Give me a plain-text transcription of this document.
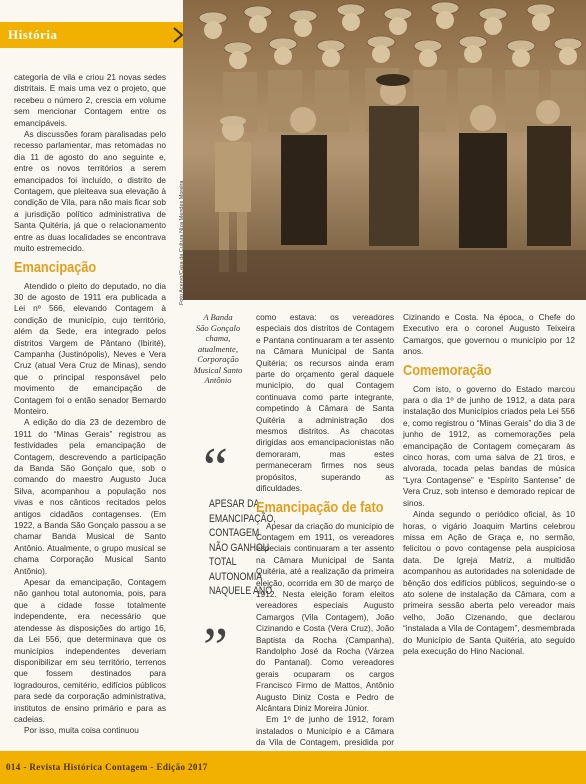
História
Foto Acervo/Casa da Cultura Niza Mendes Moreira

categoria de vila e criou 21 novas sedes distritais. E mais uma vez o projeto, que recebeu o número 2, crescia em volume sem mencionar Contagem entre os emancipáveis.

As discussões foram paralisadas pelo recesso parlamentar, mas retomadas no dia 11 de agosto do ano seguinte e, entre os novos territórios a serem emancipados foi incluído, o distrito de Contagem, que pleiteava sua elevação à condição de Vila, para não mais ficar sob a jurisdição político administrativa de Santa Quitéria, já que o relacionamento entre as duas localidades se encontrava muito estremecido.

Emancipação

Atendido o pleito do deputado, no dia 30 de agosto de 1911 era publicada a Lei nº 566, elevando Contagem à condição de município, cujo território, além da Sede, era integrado pelos distritos Vargem de Pântano (Ibirité), Campanha (Justinópolis), Neves e Vera Cruz (atual Vera Cruz de Minas), sendo que o principal responsável pelo movimento de emancipação de Contagem foi o então senador Bernardo Monteiro.

A edição do dia 23 de dezembro de 1911 do “Minas Gerais” registrou as festividades pela emancipação de Contagem, descrevendo a participação da Banda São Gonçalo que, sob o comando do maestro Augusto Juca Silva, acompanhou a população nos vivas e nos cânticos recitados pelos antigos cidadãos contagenses. (Em 1922, a Banda São Gonçalo passou a se chamar Banda Musical de Santo Antônio. Atualmente, o grupo musical se chama Corporação Musical Santo Antônio).

Apesar da emancipação, Contagem não ganhou total autonomia, pois, para que a cidade fosse totalmente independente, era necessário que atendesse às disposições do artigo 16, da Lei 556, que determinava que os municípios independentes deveriam disponibilizar em seu território, terrenos que fossem destinados para logradouros, cemitério, edifícios públicos para sede da corporação administrativa, institutos de ensino primário e para as cadeias.

Por isso, muita coisa continuou

A Banda
São Gonçalo
chama,
atualmente,
Corporação
Musical Santo
Antônio
“
APESAR DA
EMANCIPAÇÃO,
CONTAGEM
NÃO GANHOU
TOTAL
AUTONOMIA
NAQUELE ANO
”

como estava: os vereadores especiais dos distritos de Contagem e Pantana continuaram a ter assento na Câmara Municipal de Santa Quitéria; os recursos ainda eram parte do orçamento geral daquele município, do qual Contagem continuava como parte integrante, competindo à Câmara de Santa Quitéria a administração dos mesmos distritos. As chacotas dirigidas aos emancipacionistas não demoraram, mas estes permaneceram firmes nos seus propósitos, superando as dificuldades.

Emancipação de fato

Apesar da criação do município de Contagem em 1911, os vereadores especiais continuaram a ter assento na Câmara Municipal de Santa Quitéria, até a realização da primeira eleição, ocorrida em 30 de março de 1912. Nesta eleição foram eleitos vereadores especiais Augusto Camargos (Vila Contagem), João Cizinando e Costa (Vera Cruz), João Baptista da Rocha (Campanha), Randolpho José da Rocha (Várzea do Pantanal). Como vereadores gerais ocuparam os cargos Francisco Firmo de Mattos, Antônio Augusto Diniz Costa e Pedro de Alcântara Diniz Moreira Júnior.

Em 1º de junho de 1912, foram instalados o Município e a Câmara da Vila de Contagem, presidida por

Cizinando e Costa. Na época, o Chefe do Executivo era o coronel Augusto Teixeira Camargos, que governou o município por 12 anos.

Comemoração

Com isto, o governo do Estado marcou para o dia 1º de junho de 1912, a data para instalação dos Municípios criados pela Lei 556 e, como registrou o “Minas Gerais” do dia 3 de junho de 1912, as comemorações pela emancipação de Contagem começaram às cinco horas, com uma salva de 21 tiros, e alvorada, tocada pelas bandas de música “Lyra Contagense” e “Espírito Santense” de Vera Cruz, sob intenso e demorado repicar de sinos.

Ainda segundo o periódico oficial, às 10 horas, o vigário Joaquim Martins celebrou missa em Ação de Graça e, no sermão, felicitou o povo contagense pela auspiciosa data. De Igreja Matriz, a multidão acompanhou as autoridades na solenidade de bênção dos edifícios públicos, seguindo-se o ato solene de instalação da Câmara, com a primeira sessão aberta pelo vereador mais velho, João Cizenando, que declarou “instalada a Vila de Contagem”, desmembrada do Município de Santa Quitéria, ato seguido pela execução do Hino Nacional.

014 - Revista Histórica Contagem - Edição 2017
